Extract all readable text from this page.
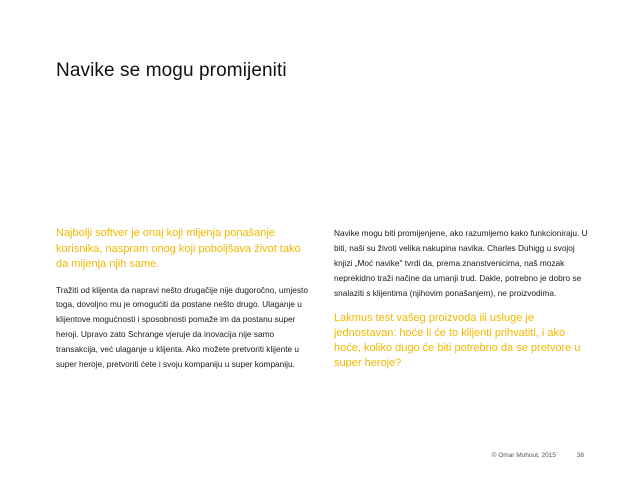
Navike se mogu promijeniti

Najbolji softver je onaj koji mijenja ponašanje korisnika, naspram onog koji poboljšava život tako da mijenja njih same.

Tražiti od klijenta da napravi nešto drugačije nije dugoročno, umjesto toga, dovoljno mu je omogućiti da postane nešto drugo. Ulaganje u klijentove mogućnosti i sposobnosti pomaže im da postanu super heroji. Upravo zato Schrange vjeruje da inovacija nije samo transakcija, već ulaganje u klijenta. Ako možete pretvoriti klijente u super heroje, pretvoriti ćete i svoju kompaniju u super kompaniju.

Navike mogu biti promijenjene, ako razumijemo kako funkcioniraju. U biti, naši su životi velika nakupina navika. Charles Duhigg u svojoj knjizi „Moć navike" tvrdi da, prema znanstvenicima, naš mozak neprekidno traži načine da umanji trud. Dakle, potrebno je dobro se snalaziti s klijentima (njihovim ponašanjem), ne proizvodima.

Lakmus test vašeg proizvoda ili usluge je jednostavan: hoće li će to klijenti prihvatiti, i ako hoće, koliko dugo će biti potrebno da se pretvore u super heroje?

© Omar Mohout, 2015	38
